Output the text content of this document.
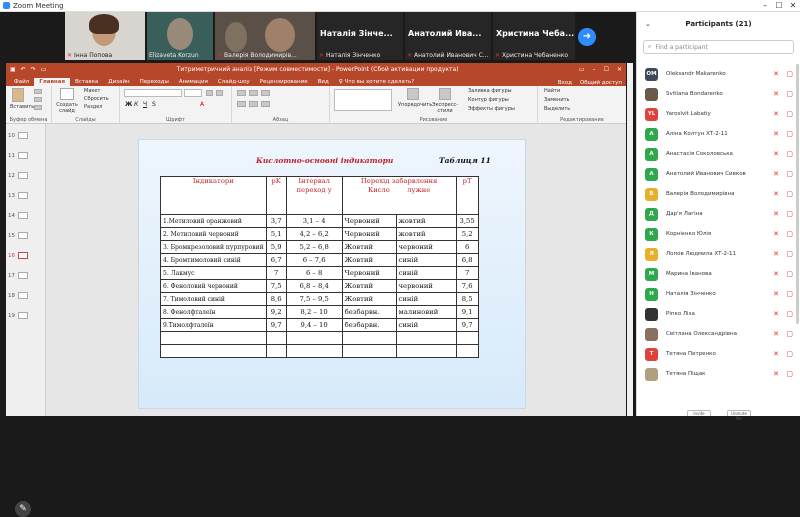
Zoom Meeting	–	☐ ✕
✕ Інна Попова	Elizaveta Korzun	✕ Валерія Володимирів...
Наталія Зінче...
✕ Наталія Зінченко
Анатолий Ива...
✕ Анатолий Иванович С...
Христина Чеба...
✕ Христина Чебаненко
➜
▣ ↶ ↷ ▭	Титриметричний аналіз [Режим совместимости] - PowerPoint (Сбой активации продукта)	▭ – ☐ ✕
Файл	Главная	Вставка	Дизайн	Переходы	Анимация	Слайд-шоу	Рецензирование	Вид	♀ Что вы хотите сделать?	Вход Общий доступ

Вставить
Буфер обмена

Создать слайд
Макет
Сбросить
Раздел
Слайды
Ж К Ч S	A
Шрифт	Абзац

Упорядочить Экспресс-стили
Заливка фигуры
Контур фигуры
Эффекты фигуры
Рисование
Найти
Заменить
Выделить
Редактирование
10
11
12
13
14
15
16
17
18
19
Кислотно-основні індикатори	Таблиця 11
Індикатори	pK	Інтервал переход у	Перехід забарвлення
Кисле лужне		pT
1.Метиловий оранжевий	3,7	3,1 – 4	Червоний	жовтий	3,55
2. Метиловий червоний	5,1	4,2 – 6,2	Червоний	жовтий	5,2
3. Бромкрезоловий пурпуровий	5,9	5,2 – 6,8	Жовтий	червоний	6
4. Бромтимоловий синій	6,7	6 – 7,6	Жовтий	синій	6,8
5. Лакмус	7	6 – 8	Червоний	синій	7
6. Феноловий червоний	7,5	6,8 – 8,4	Жовтий	червоний	7,6
7. Тимоловий синій	8,6	7,5 – 9,5	Жовтий	синій	8,5
8. Фенолфталеїн	9,2	8,2 – 10	безбарвн.	малиновий	9,1
9.Тимолфталеїн	9,7	9,4 – 10	безбарвн.	синій	9,7

✎
⌄	Participants (21)
⌕ Find a participant
OM Oleksandr Makarenko	✕ ▢
Svitlana Bondarenko	✕ ▢
YL	Yaroslvit Labatiy	✕ ▢
A	Аліна Колтун ХТ-2-11	✕ ▢
A	Анастасія Соколовська	✕ ▢
A	Анатолий Иванович Сивков	✕ ▢
В	Валерія Володимирівна	✕ ▢
Д	Дар'я Лагіна	✕ ▢
К	Корнієнко Юлія	✕ ▢
Л	Лопов Людмила ХТ-2-11	✕ ▢
М	Марина Іванова	✕ ▢
Н	Наталія Зінченко	✕ ▢
Ріпко Ліза	✕ ▢
Світлана Олександрівна	✕ ▢
Т	Тетяна Петренко	✕ ▢
Тетяна Піщак	✕ ▢
Invite	Unmute Me
